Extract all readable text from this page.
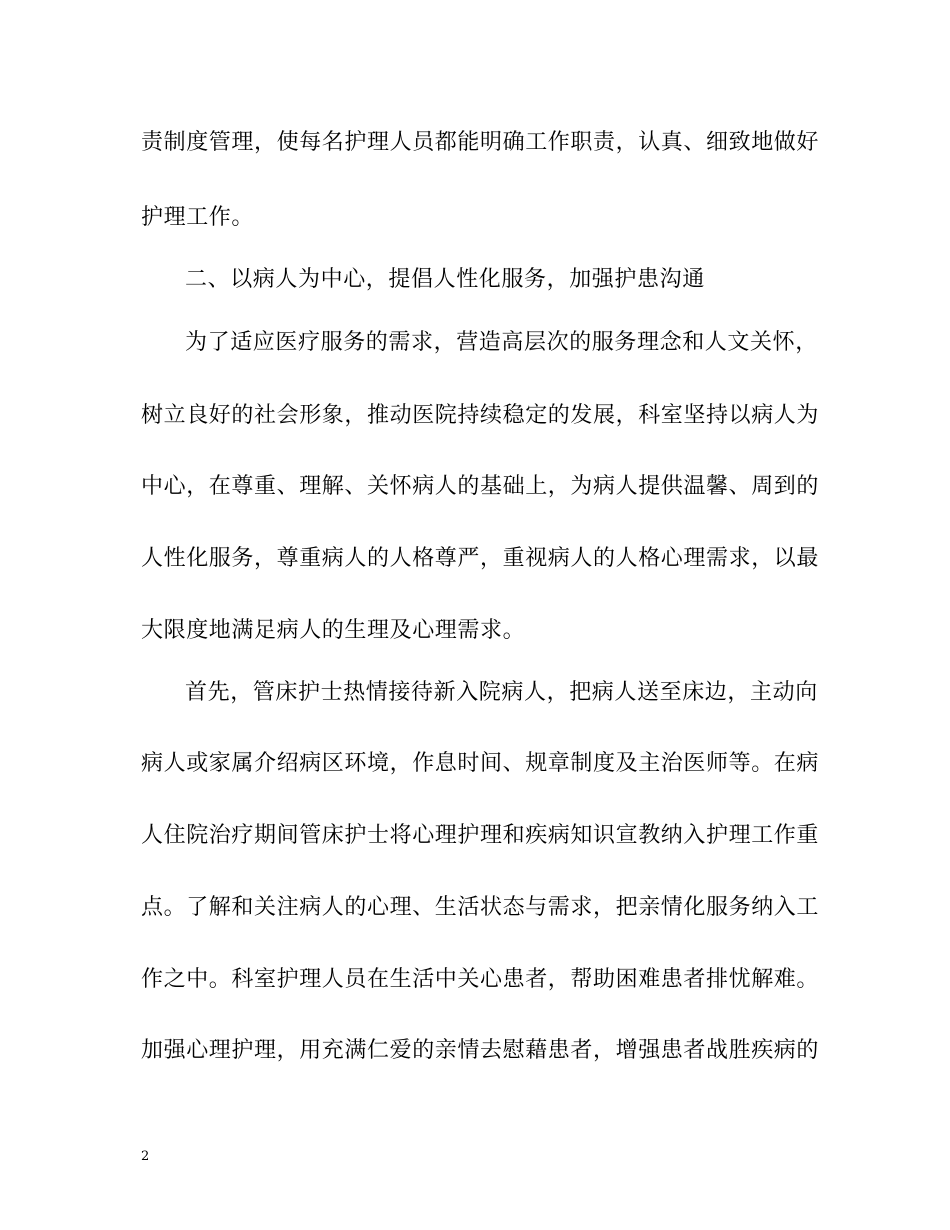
责制度管理，使每名护理人员都能明确工作职责，认真、细致地做好
护理工作。
二、以病人为中心，提倡人性化服务，加强护患沟通
为了适应医疗服务的需求，营造高层次的服务理念和人文关怀，
树立良好的社会形象，推动医院持续稳定的发展，科室坚持以病人为
中心，在尊重、理解、关怀病人的基础上，为病人提供温馨、周到的
人性化服务，尊重病人的人格尊严，重视病人的人格心理需求，以最
大限度地满足病人的生理及心理需求。
首先，管床护士热情接待新入院病人，把病人送至床边，主动向
病人或家属介绍病区环境，作息时间、规章制度及主治医师等。在病
人住院治疗期间管床护士将心理护理和疾病知识宣教纳入护理工作重
点。了解和关注病人的心理、生活状态与需求，把亲情化服务纳入工
作之中。科室护理人员在生活中关心患者，帮助困难患者排忧解难。
加强心理护理，用充满仁爱的亲情去慰藉患者，增强患者战胜疾病的
2
